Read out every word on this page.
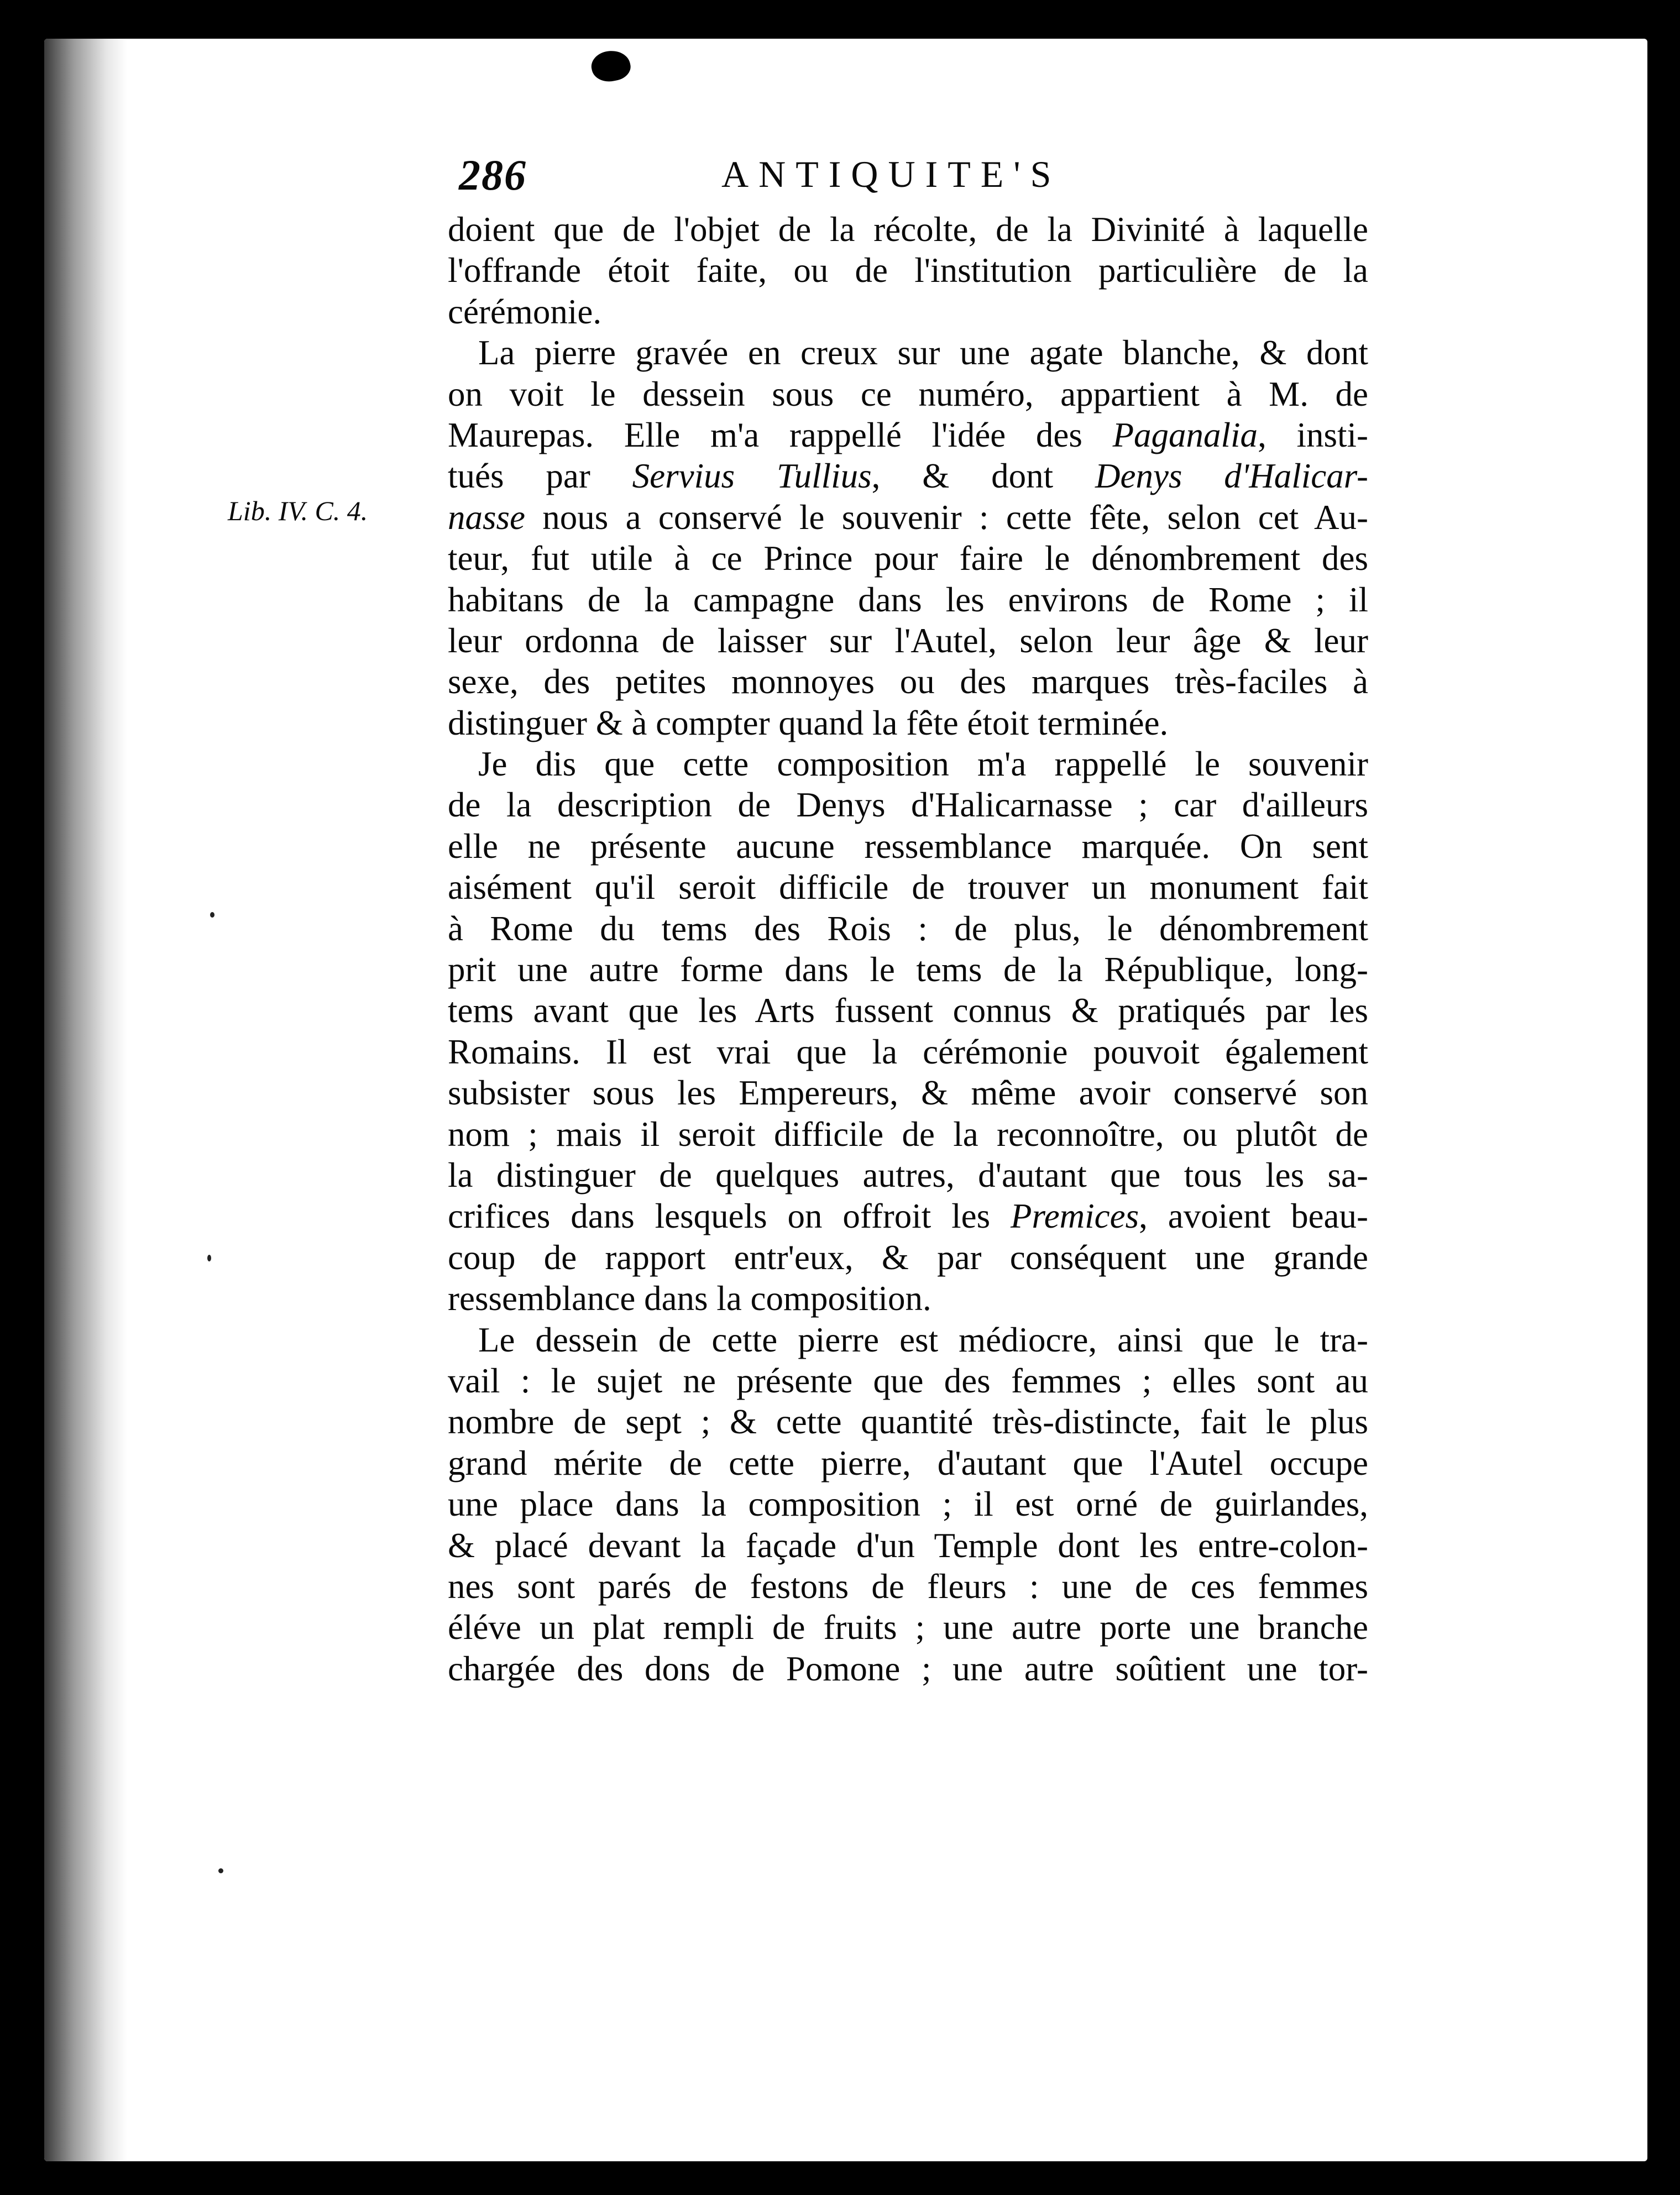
286	ANTIQUITE'S
Lib. IV. C. 4.
doient que de l'objet de la récolte, de la Divinité à laquelle
l'offrande étoit faite, ou de l'institution particulière de la
cérémonie.
La pierre gravée en creux sur une agate blanche, & dont
on voit le dessein sous ce numéro, appartient à M. de
Maurepas. Elle m'a rappellé l'idée des Paganalia, insti-
tués par Servius Tullius, & dont Denys d'Halicar-
nasse nous a conservé le souvenir : cette fête, selon cet Au-
teur, fut utile à ce Prince pour faire le dénombrement des
habitans de la campagne dans les environs de Rome ; il
leur ordonna de laisser sur l'Autel, selon leur âge & leur
sexe, des petites monnoyes ou des marques très-faciles à
distinguer & à compter quand la fête étoit terminée.
Je dis que cette composition m'a rappellé le souvenir
de la description de Denys d'Halicarnasse ; car d'ailleurs
elle ne présente aucune ressemblance marquée. On sent
aisément qu'il seroit difficile de trouver un monument fait
à Rome du tems des Rois : de plus, le dénombrement
prit une autre forme dans le tems de la République, long-
tems avant que les Arts fussent connus & pratiqués par les
Romains. Il est vrai que la cérémonie pouvoit également
subsister sous les Empereurs, & même avoir conservé son
nom ; mais il seroit difficile de la reconnoître, ou plutôt de
la distinguer de quelques autres, d'autant que tous les sa-
crifices dans lesquels on offroit les Premices, avoient beau-
coup de rapport entr'eux, & par conséquent une grande
ressemblance dans la composition.
Le dessein de cette pierre est médiocre, ainsi que le tra-
vail : le sujet ne présente que des femmes ; elles sont au
nombre de sept ; & cette quantité très-distincte, fait le plus
grand mérite de cette pierre, d'autant que l'Autel occupe
une place dans la composition ; il est orné de guirlandes,
& placé devant la façade d'un Temple dont les entre-colon-
nes sont parés de festons de fleurs : une de ces femmes
éléve un plat rempli de fruits ; une autre porte une branche
chargée des dons de Pomone ; une autre soûtient une tor-
